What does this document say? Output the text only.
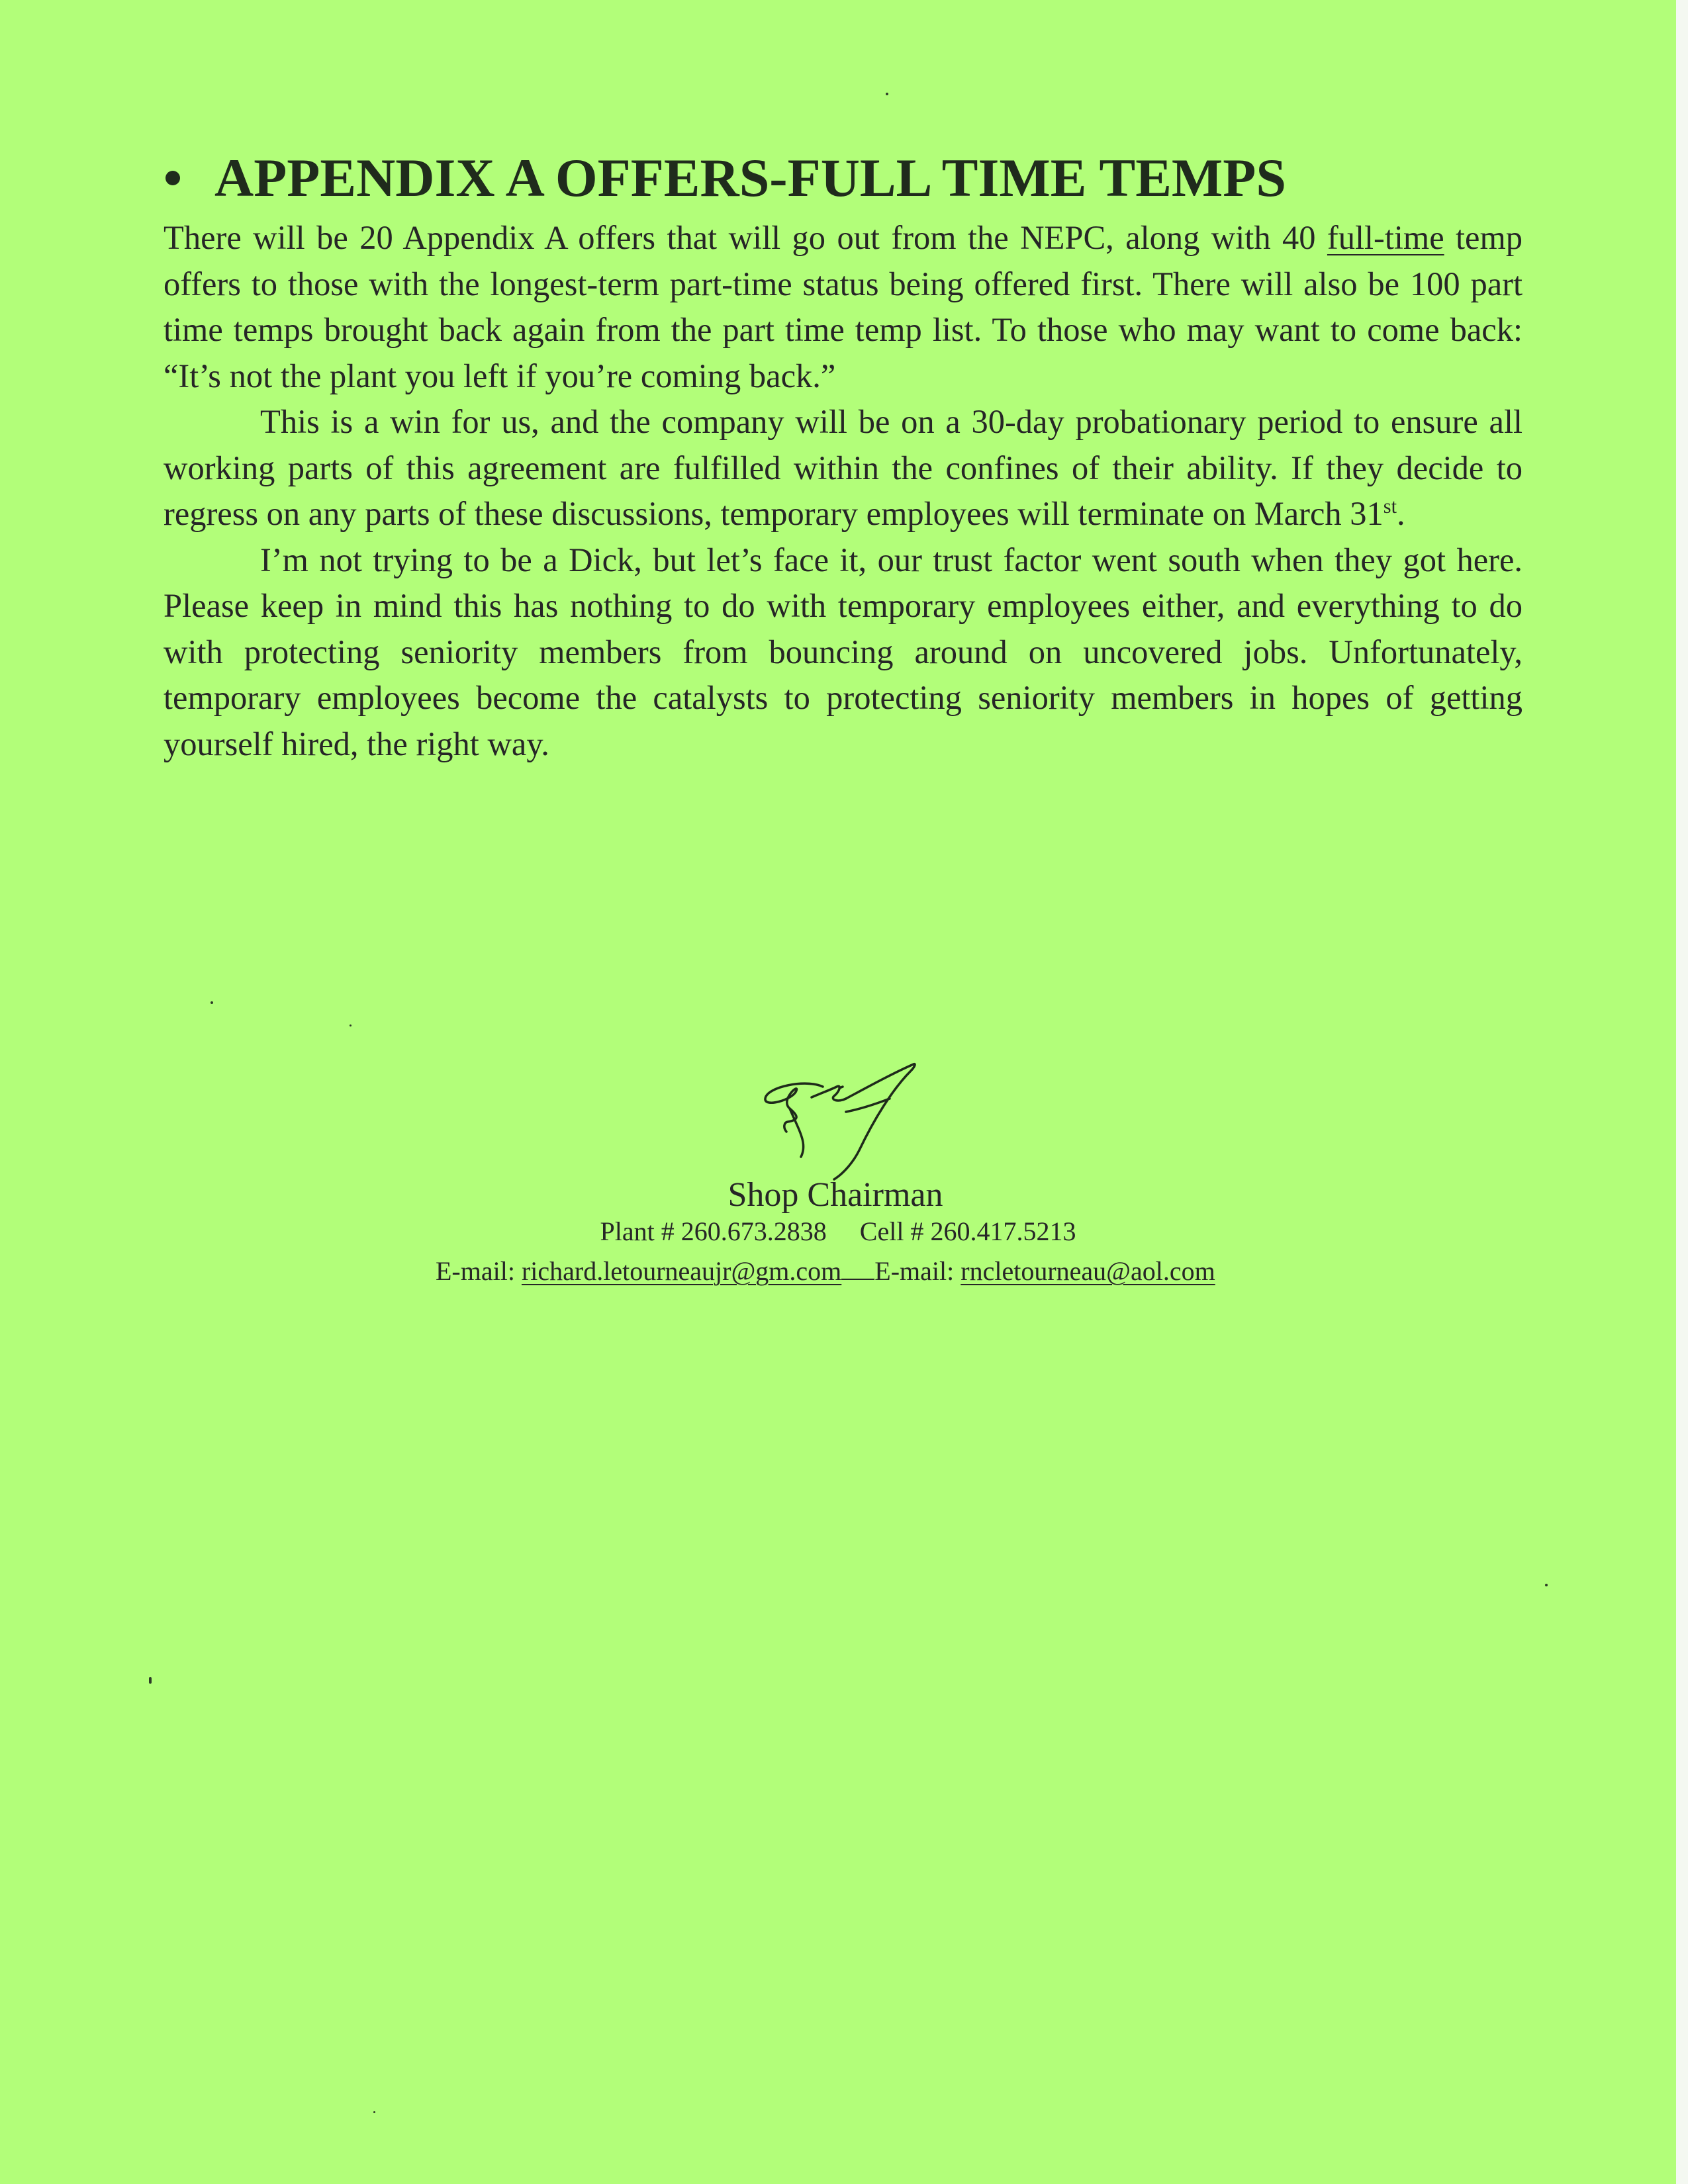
APPENDIX A OFFERS-FULL TIME TEMPS

There will be 20 Appendix A offers that will go out from the NEPC, along with 40 full-time temp offers to those with the longest-term part-time status being offered first. There will also be 100 part time temps brought back again from the part time temp list. To those who may want to come back: “It’s not the plant you left if you’re coming back.”

This is a win for us, and the company will be on a 30-day probationary period to ensure all working parts of this agreement are fulfilled within the confines of their ability. If they decide to regress on any parts of these discussions, temporary employees will terminate on March 31st.

I’m not trying to be a Dick, but let’s face it, our trust factor went south when they got here. Please keep in mind this has nothing to do with temporary employees either, and everything to do with protecting seniority members from bouncing around on uncovered jobs. Unfortunately, temporary employees become the catalysts to protecting seniority members in hopes of getting yourself hired, the right way.

Shop Chairman
Plant # 260.673.2838 Cell # 260.417.5213
E-mail: richard.letourneaujr@gm.com E-mail: rncletourneau@aol.com
